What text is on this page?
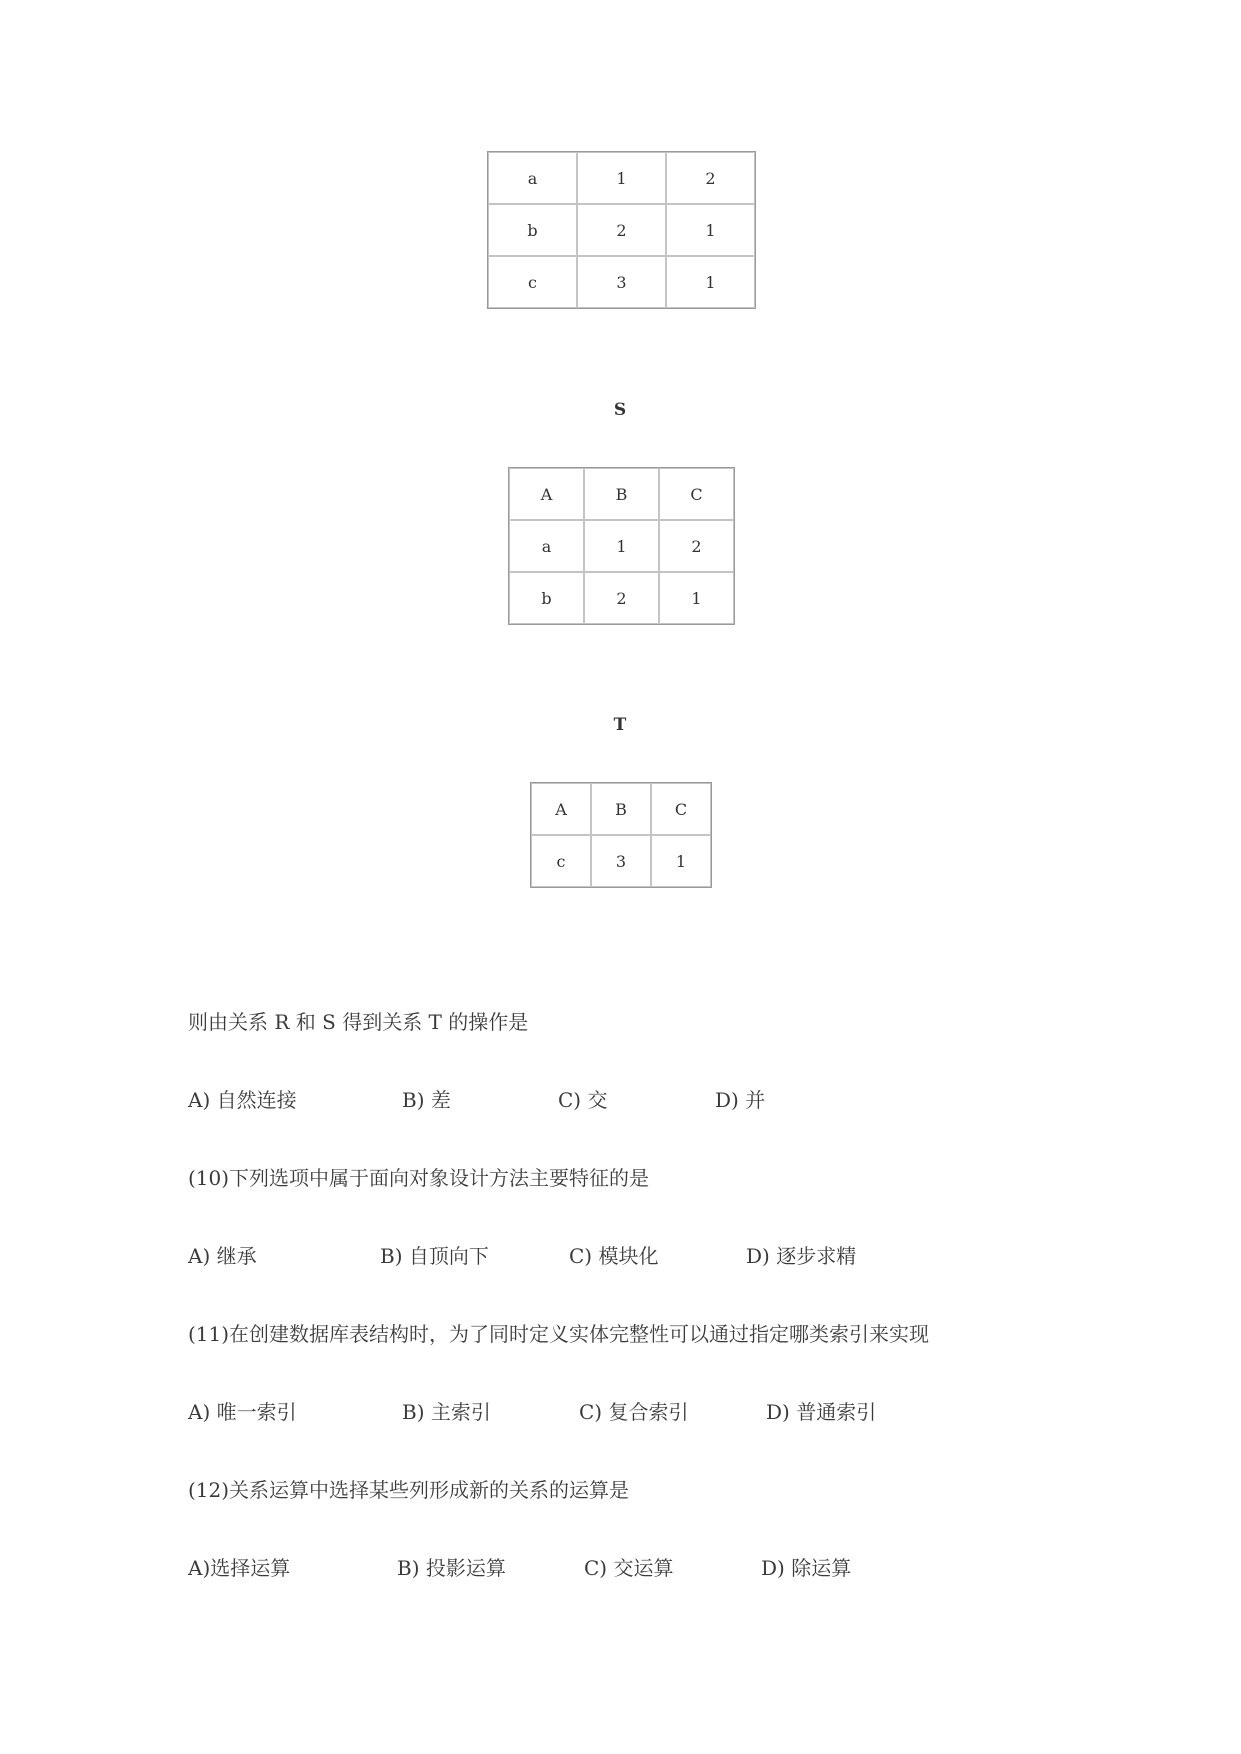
a	1	2
b	2	1
c	3	1
S
A	B	C
a	1	2
b	2	1
T
A	B	C
c	3	1
则由关系 R 和 S 得到关系 T 的操作是
A) 自然连接	B) 差	C) 交	D) 并
(10)下列选项中属于面向对象设计方法主要特征的是
A) 继承	B) 自顶向下	C) 模块化	D) 逐步求精
(11)在创建数据库表结构时，为了同时定义实体完整性可以通过指定哪类索引来实现
A) 唯一索引	B) 主索引	C) 复合索引	D) 普通索引
(12)关系运算中选择某些列形成新的关系的运算是
A)选择运算	B) 投影运算	C) 交运算	D) 除运算
